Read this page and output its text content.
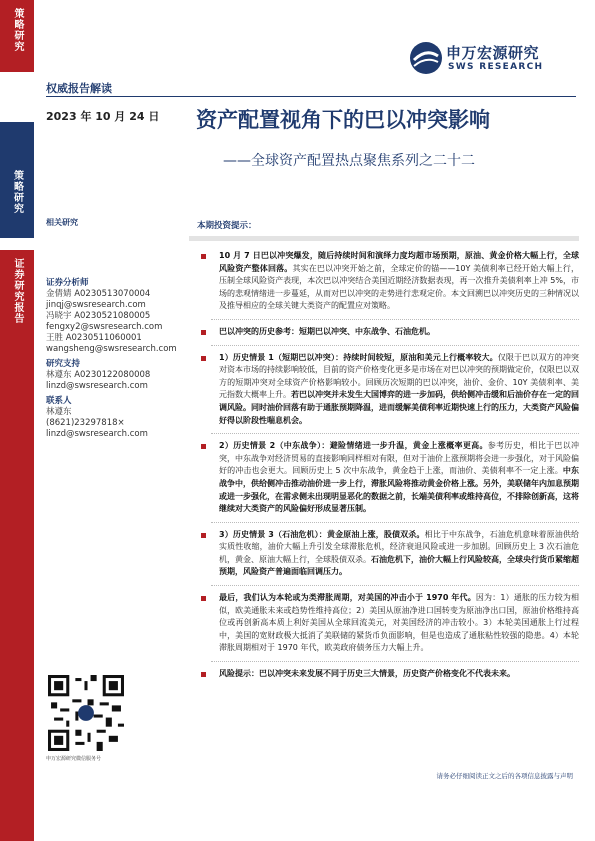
策略研究
策略研究
证券研究报告
申万宏源研究
SWS RESEARCH
权威报告解读
2023 年 10 月 24 日 资产配置视角下的巴以冲突影响
——全球资产配置热点聚焦系列之二十二
相关研究
证券分析师
金倩婧 A0230513070004
jinqj@swsresearch.com
冯晓宇 A0230521080005
fengxy2@swsresearch.com
王胜 A0230511060001
wangsheng@swsresearch.com
研究支持
林遵东 A0230122080008
linzd@swsresearch.com
联系人
林遵东
(8621)23297818×
linzd@swsresearch.com
申万宏源研究微信服务号
本期投资提示：
10 月 7 日巴以冲突爆发，随后持续时间和演绎力度均超市场预期，原油、黄金价格大幅上行，全球风险资产整体回落。其实在巴以冲突开始之前，全球定价的锚——10Y 美债利率已经开始大幅上行，压制全球风险资产表现，本次巴以冲突结合美国近期经济数据表现，再一次推升美债利率上冲 5%，市场的悲观情绪进一步蔓延，从而对巴以冲突的走势进行悲观定价。本文回溯巴以冲突历史的三种情况以及推导相应的全球关键大类资产的配置应对策略。
巴以冲突的历史参考：短期巴以冲突、中东战争、石油危机。
1）历史情景 1（短期巴以冲突）：持续时间较短，原油和美元上行概率较大。仅限于巴以双方的冲突对资本市场的持续影响较低，目前的资产价格变化更多是市场在对巴以冲突的预期做定价，仅限巴以双方的短期冲突对全球资产价格影响较小。回顾历次短期的巴以冲突，油价、金价、10Y 美债利率、美元指数大概率上升。若巴以冲突并未发生大国博弈的进一步加码，供给侧冲击缓和后油价存在一定的回调风险。同时油价回落有助于通胀预期降温，进而缓解美债利率近期快速上行的压力，大类资产风险偏好得以阶段性喘息机会。
2）历史情景 2（中东战争）：避险情绪进一步升温，黄金上涨概率更高。参考历史，相比于巴以冲突，中东战争对经济贸易的直接影响同样相对有限，但对于油价上涨预期将会进一步强化，对于风险偏好的冲击也会更大。回顾历史上 5 次中东战争，黄金趋于上涨，而油价、美债利率不一定上涨。中东战争中，供给侧冲击推动油价进一步上行，滞胀风险将推动黄金价格上涨。另外，美联储年内加息预期或进一步强化，在需求侧未出现明显恶化的数据之前，长端美债利率或维持高位，不排除创新高，这将继续对大类资产的风险偏好形成显著压制。
3）历史情景 3（石油危机）：黄金原油上涨，股债双杀。相比于中东战争，石油危机意味着原油供给实质性收缩，油价大幅上升引发全球滞胀危机，经济衰退风险或进一步加剧。回顾历史上 3 次石油危机，黄金、原油大幅上行，全球股债双杀。石油危机下，油价大幅上行风险较高，全球央行货币紧缩超预期，风险资产普遍面临回调压力。
最后，我们认为本轮或为类滞胀周期，对美国的冲击小于 1970 年代。因为：1）通胀的压力较为相似，欧美通胀未来或趋势性维持高位；2）美国从原油净进口国转变为原油净出口国，原油价格维持高位或再创新高本质上利好美国从全球回流美元，对美国经济的冲击较小。3）本轮美国通胀上行过程中，美国的宽财政极大抵消了美联储的紧货币负面影响，但是也造成了通胀粘性较强的隐患。4）本轮滞胀周期相对于 1970 年代，欧美政府债务压力大幅上升。
风险提示：巴以冲突未来发展不同于历史三大情景，历史资产价格变化不代表未来。
请务必仔细阅读正文之后的各项信息披露与声明
